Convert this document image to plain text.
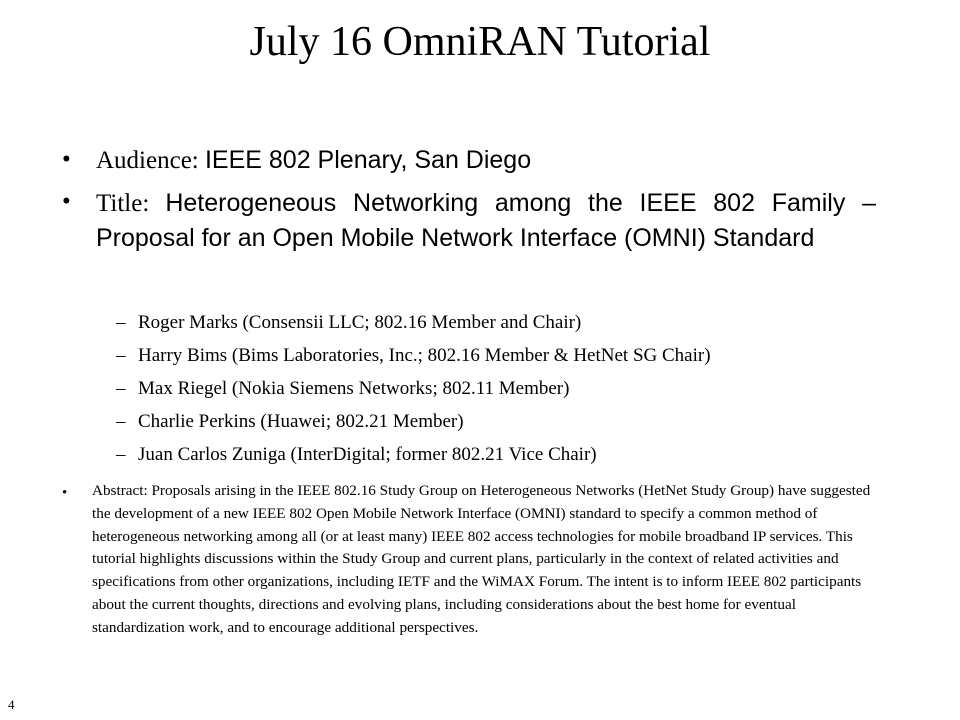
July 16 OmniRAN Tutorial
• Audience: IEEE 802 Plenary, San Diego
• Title: Heterogeneous Networking among the IEEE 802 Family – Proposal for an Open Mobile Network Interface (OMNI) Standard
– Roger Marks (Consensii LLC; 802.16 Member and Chair)
– Harry Bims (Bims Laboratories, Inc.; 802.16 Member & HetNet SG Chair)
– Max Riegel (Nokia Siemens Networks; 802.11 Member)
– Charlie Perkins (Huawei; 802.21 Member)
– Juan Carlos Zuniga (InterDigital; former 802.21 Vice Chair)
• Abstract: Proposals arising in the IEEE 802.16 Study Group on Heterogeneous Networks (HetNet Study Group) have suggested the development of a new IEEE 802 Open Mobile Network Interface (OMNI) standard to specify a common method of heterogeneous networking among all (or at least many) IEEE 802 access technologies for mobile broadband IP services. This tutorial highlights discussions within the Study Group and current plans, particularly in the context of related activities and specifications from other organizations, including IETF and the WiMAX Forum. The intent is to inform IEEE 802 participants about the current thoughts, directions and evolving plans, including considerations about the best home for eventual standardization work, and to encourage additional perspectives.
4
